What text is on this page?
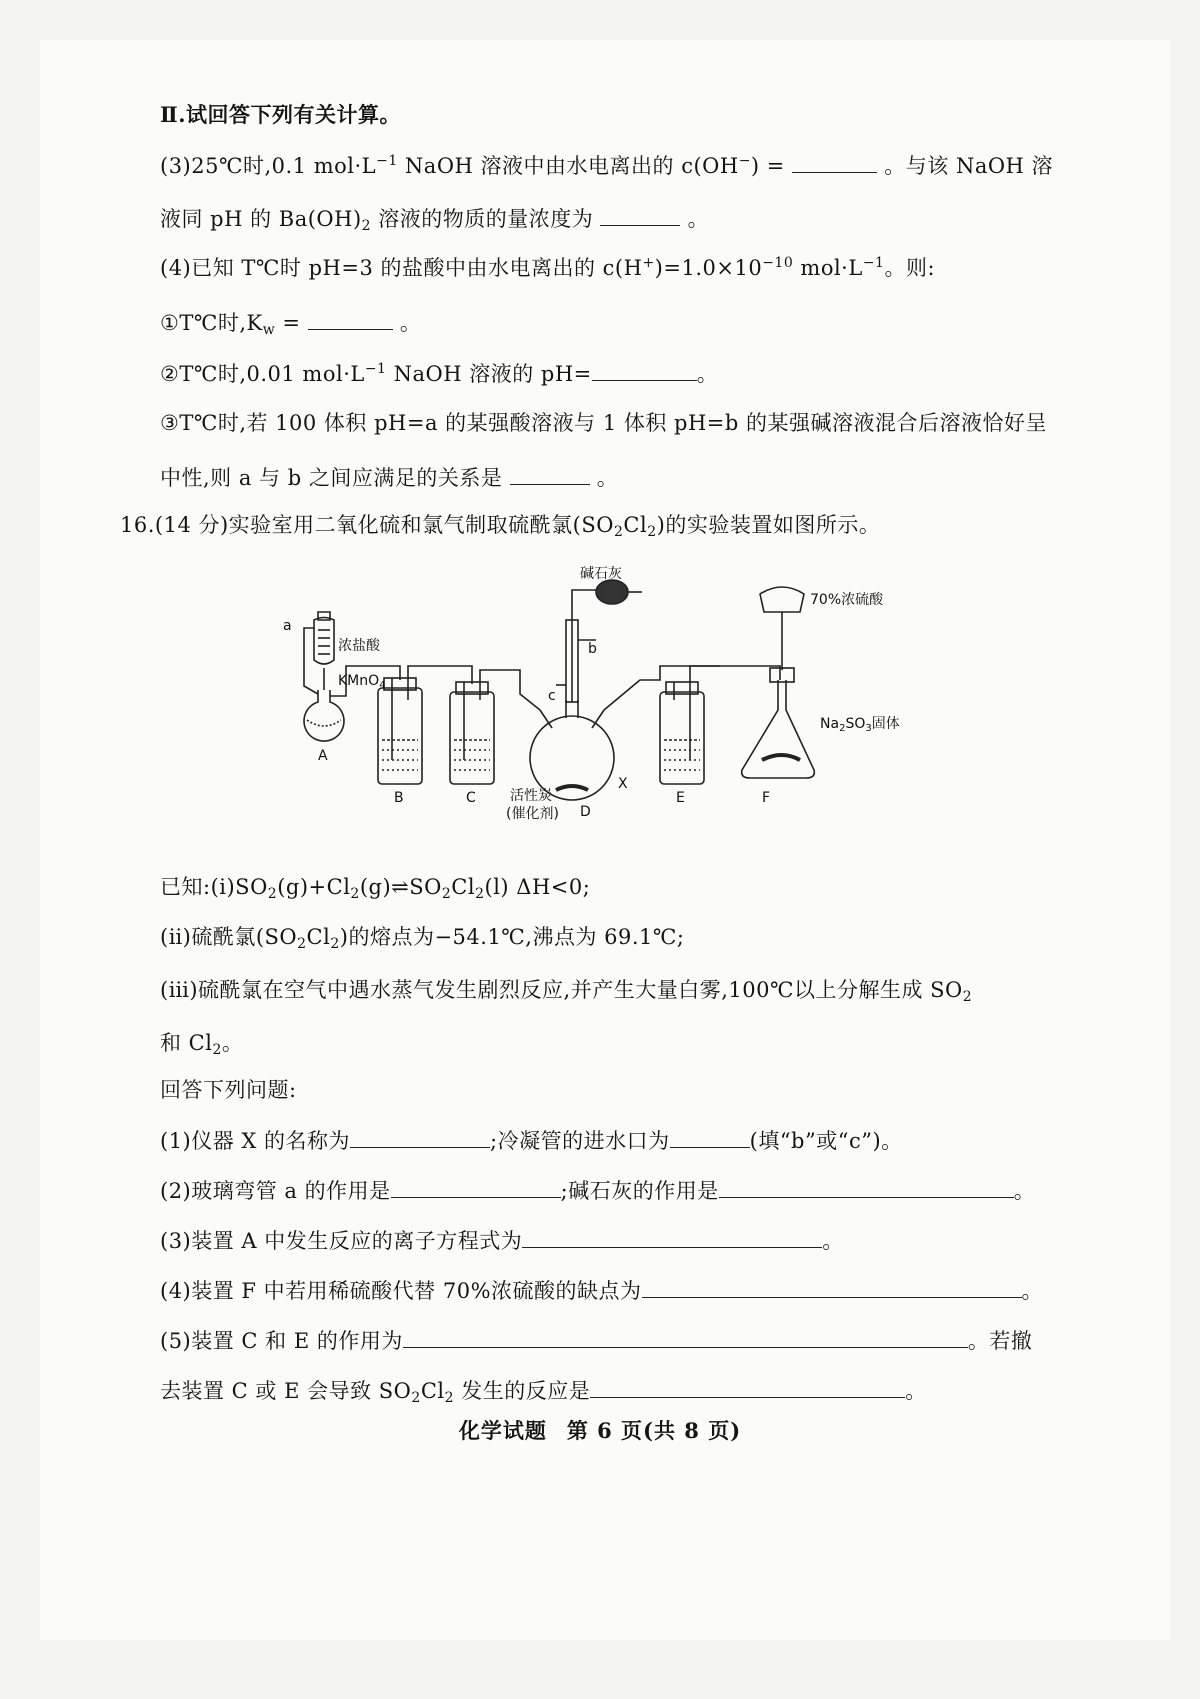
Ⅱ.试回答下列有关计算。
(3)25℃时,0.1 $mol\cdot L^{-1}$ NaOH 溶液中由水电离出的 c(OH−) =	。与该 NaOH 溶
液同 pH 的 $Ba(OH)_2$ 溶液的物质的量浓度为	。
(4)已知 T℃时 pH=3 的盐酸中由水电离出的 $c(H^+)=1.0\times 10^{-10}$ $mol\cdot L^{-1}$。则:
①T℃时$,K_w$ =	。
②T℃时,0.01 $mol\cdot L^{-1}$ NaOH 溶液的 pH=	。
③T℃时,若 100 体积 pH=a 的某强酸溶液与 1 体积 pH=b 的某强碱溶液混合后溶液恰好呈
中性,则 a 与 b 之间应满足的关系是	。
16.(14 分)实验室用二氧化硫和氯气制取硫酰氯$(SO_2Cl_2)$的实验装置如图所示。
a
浓盐酸
KMnO$_4$
A
B	C
碱石灰
b
c
X
活性炭
(催化剂) D
E	F
70%浓硫酸
$Na_2SO_3$固体
已知$:(ⅰ)SO_2(g)+Cl_2(g)\rightleftharpoons SO_2Cl_2(l)$ ΔH<0;
(ⅱ)硫酰氯$(SO_2Cl_2)$的熔点为−54.1℃,沸点为 69.1℃;
(ⅲ)硫酰氯在空气中遇水蒸气发生剧烈反应,并产生大量白雾,100℃以上分解生成 $SO_2$
和 $Cl_2$。
回答下列问题:
(1)仪器 X 的名称为	;冷凝管的进水口为	(填“b”或“c”)。
(2)玻璃弯管 a 的作用是	;碱石灰的作用是	。
(3)装置 A 中发生反应的离子方程式为	。
(4)装置 F 中若用稀硫酸代替 70%浓硫酸的缺点为	。
(5)装置 C 和 E 的作用为	。若撤
去装置 C 或 E 会导致 $SO_2Cl_2$ 发生的反应是	。
化学试题 第 6 页(共 8 页)
